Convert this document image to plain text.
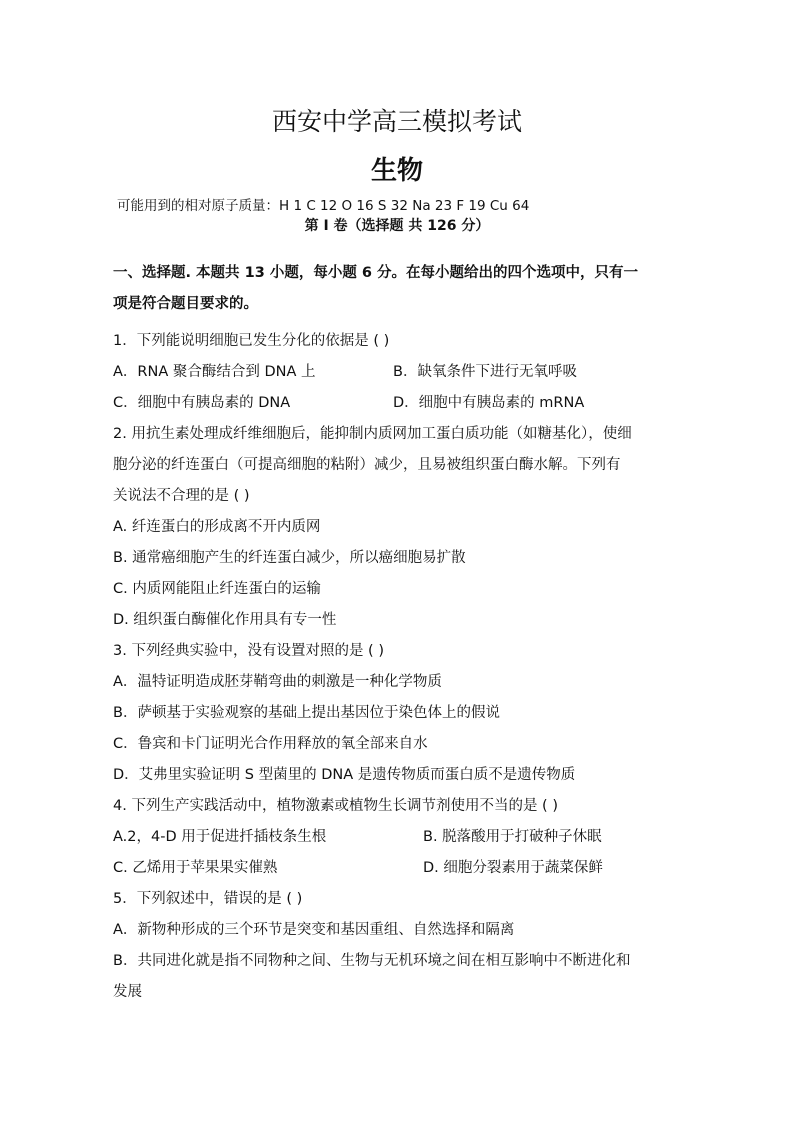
西安中学高三模拟考试
生物
可能用到的相对原子质量：H 1 C 12 O 16 S 32 Na 23 F 19 Cu 64
第 I 卷（选择题 共 126 分）
一、选择题. 本题共 13 小题，每小题 6 分。在每小题给出的四个选项中，只有一
项是符合题目要求的。
1．下列能说明细胞已发生分化的依据是 ( )
A．RNA 聚合酶结合到 DNA 上	B．缺氧条件下进行无氧呼吸
C．细胞中有胰岛素的 DNA	D．细胞中有胰岛素的 mRNA
2. 用抗生素处理成纤维细胞后，能抑制内质网加工蛋白质功能（如糖基化），使细
胞分泌的纤连蛋白（可提高细胞的粘附）减少，且易被组织蛋白酶水解。下列有
关说法不合理的是 ( )
A. 纤连蛋白的形成离不开内质网
B. 通常癌细胞产生的纤连蛋白减少，所以癌细胞易扩散
C. 内质网能阻止纤连蛋白的运输
D. 组织蛋白酶催化作用具有专一性
3. 下列经典实验中，没有设置对照的是 ( )
A．温特证明造成胚芽鞘弯曲的刺激是一种化学物质
B．萨顿基于实验观察的基础上提出基因位于染色体上的假说
C．鲁宾和卡门证明光合作用释放的氧全部来自水
D．艾弗里实验证明 S 型菌里的 DNA 是遗传物质而蛋白质不是遗传物质
4. 下列生产实践活动中，植物激素或植物生长调节剂使用不当的是 ( )
A.2，4-D 用于促进扦插枝条生根	B. 脱落酸用于打破种子休眠
C. 乙烯用于苹果果实催熟	D. 细胞分裂素用于蔬菜保鲜
5．下列叙述中，错误的是 ( )
A．新物种形成的三个环节是突变和基因重组、自然选择和隔离
B．共同进化就是指不同物种之间、生物与无机环境之间在相互影响中不断进化和
发展
